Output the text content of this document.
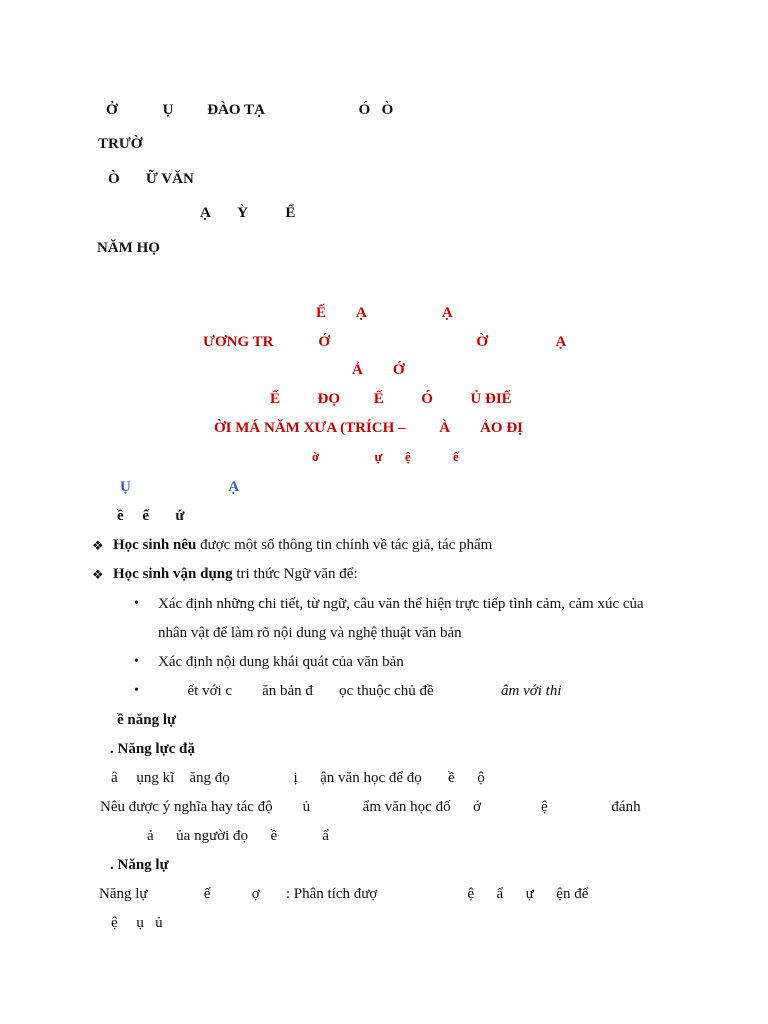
Ở            Ụ         ĐÀO TẠ                         Ó   Ò
TRƯỜ
Ò       Ữ VĂN
Ạ       Ỳ          Ể
NĂM HỌ
Ế        Ạ                    Ạ
ƯƠNG TR            Ớ                                       Ờ                  Ạ
Ả        Ớ
Ế          ĐỌ         Ế          Ó          Ủ ĐIỂ
ỜI MÁ NĂM XƯA (TRÍCH –         À        ẢO ĐỊ
ờ                 ự       ệ             ế
Ụ                          Ạ
ề     ế       ứ
❖ Học sinh nêu được một số thông tin chính về tác giả, tác phẩm
❖ Học sinh vận dụng tri thức Ngữ văn để:
• Xác định những chi tiết, từ ngữ, câu văn thể hiện trực tiếp tình cảm, cảm xúc của
nhân vật để làm rõ nội dung và nghệ thuật văn bản
• Xác định nội dung khái quát của văn bản
• ết với c        ăn bản đ       ọc thuộc chủ đề	âm với thi
ề năng lự
. Năng lực đặ
â     ụng kĩ    ăng đọ                 ị      ận văn học để đọ       ề      ộ
Nêu được ý nghĩa hay tác độ        ủ              ẩm văn học đố      ớ                ệ                 đánh
ả      ủa người đọ      ề            ẩ
. Năng lự
Năng lự               ế           ợ       : Phân tích đượ                        ệ      ẩ      ự      ện để
ệ     ụ   ủ
